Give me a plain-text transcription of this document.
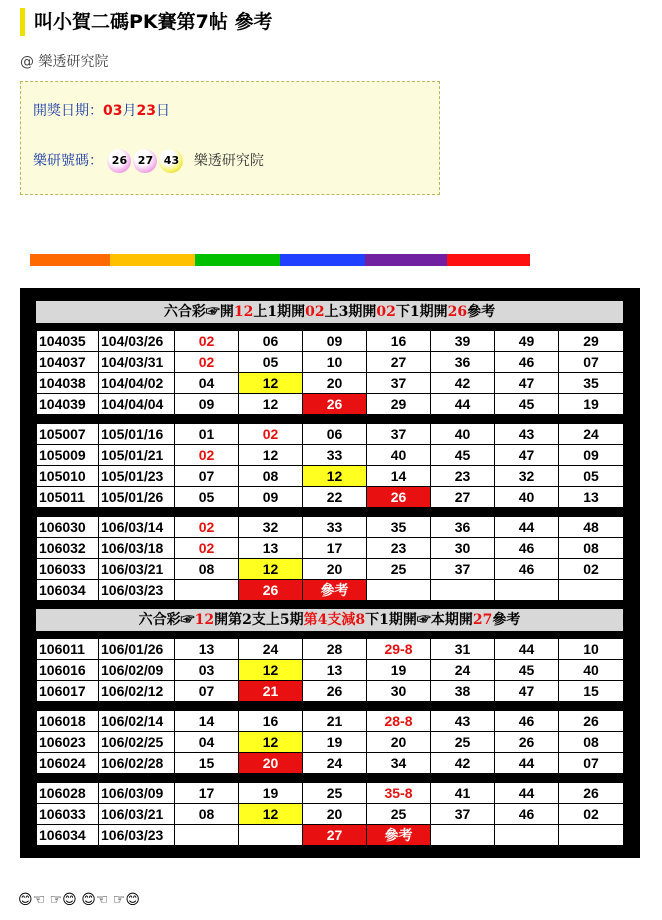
叫小賀二碼PK賽第7帖 參考
@ 樂透研究院
開獎日期：03月23日
樂研號碼： 26 27 43 樂透研究院
六合彩☞開12上1期開02上3期開02下1期開26參考
104035	104/03/26	02	06	09	16	39	49	29
104037	104/03/31	02	05	10	27	36	46	07
104038	104/04/02	04	12	20	37	42	47	35
104039	104/04/04	09	12	26	29	44	45	19
105007	105/01/16	01	02	06	37	40	43	24
105009	105/01/21	02	12	33	40	45	47	09
105010	105/01/23	07	08	12	14	23	32	05
105011	105/01/26	05	09	22	26	27	40	13
106030	106/03/14	02	32	33	35	36	44	48
106032	106/03/18	02	13	17	23	30	46	08
106033	106/03/21	08	12	20	25	37	46	02
106034	106/03/23		26	參考				
六合彩☞12開第2支上5期第4支減8下1期開☞本期開27參考
106011	106/01/26	13	24	28	29-8	31	44	10
106016	106/02/09	03	12	13	19	24	45	40
106017	106/02/12	07	21	26	30	38	47	15
106018	106/02/14	14	16	21	28-8	43	46	26
106023	106/02/25	04	12	19	20	25	26	08
106024	106/02/28	15	20	24	34	42	44	07
106028	106/03/09	17	19	25	35-8	41	44	26
106033	106/03/21	08	12	20	25	37	46	02
106034	106/03/23			27	參考			
😊☜ ☞😊 😊☜ ☞😊
